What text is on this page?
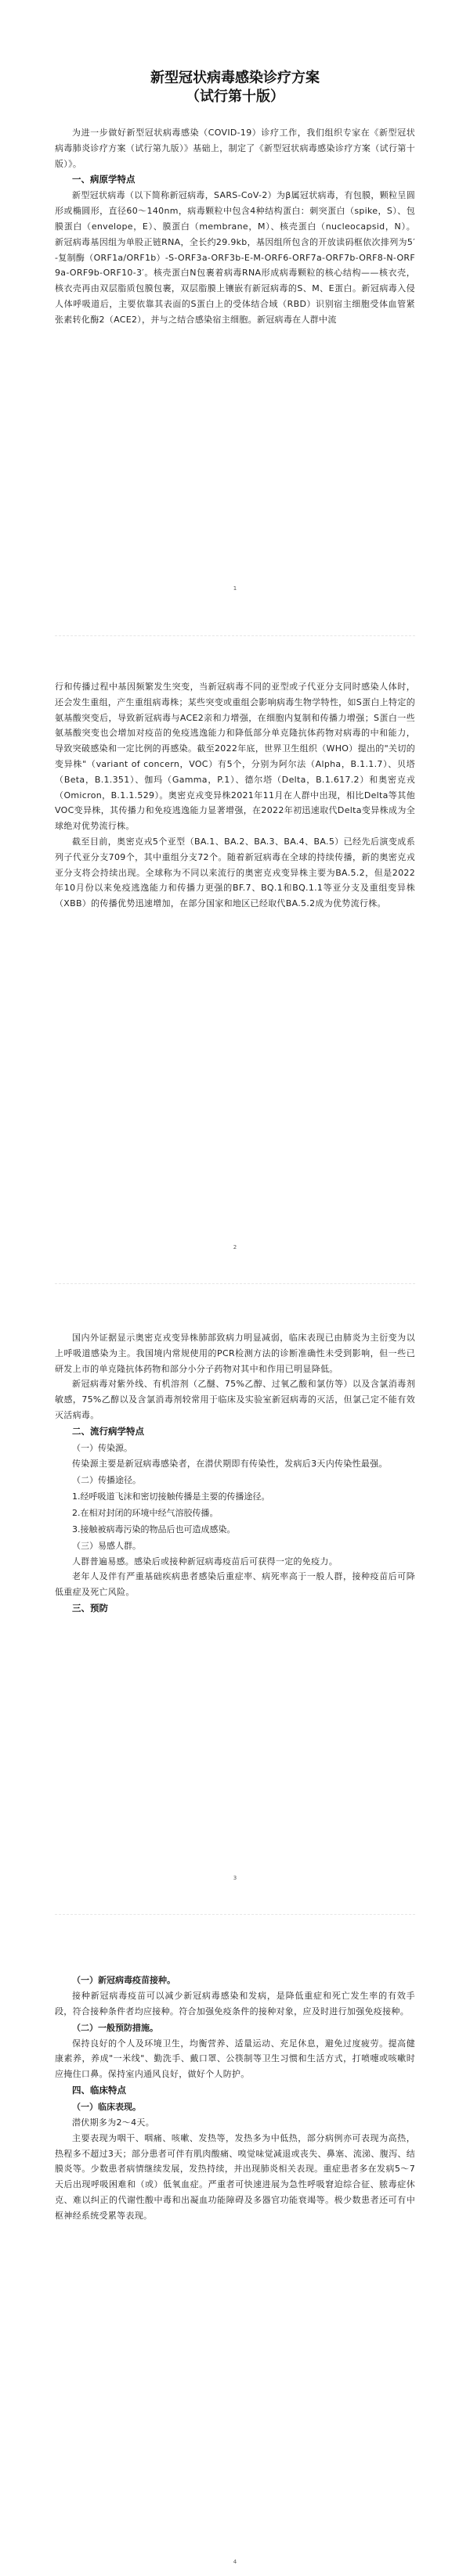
新型冠状病毒感染诊疗方案
（试行第十版）

为进一步做好新型冠状病毒感染（COVID-19）诊疗工作，我们组织专家在《新型冠状病毒肺炎诊疗方案（试行第九版）》基础上，制定了《新型冠状病毒感染诊疗方案（试行第十版）》。

一、病原学特点

新型冠状病毒（以下简称新冠病毒，SARS-CoV-2）为β属冠状病毒，有包膜，颗粒呈圆形或椭圆形，直径60～140nm，病毒颗粒中包含4种结构蛋白：刺突蛋白（spike，S）、包膜蛋白（envelope，E）、膜蛋白（membrane，M）、核壳蛋白（nucleocapsid，N）。新冠病毒基因组为单股正链RNA，全长约29.9kb，基因组所包含的开放读码框依次排列为5′-复制酶（ORF1a/ORF1b）-S-ORF3a-ORF3b-E-M-ORF6-ORF7a-ORF7b-ORF8-N-ORF9a-ORF9b-ORF10-3′。核壳蛋白N包裹着病毒RNA形成病毒颗粒的核心结构——核衣壳，核衣壳再由双层脂质包膜包裹，双层脂膜上镶嵌有新冠病毒的S、M、E蛋白。新冠病毒入侵人体呼吸道后，主要依靠其表面的S蛋白上的受体结合域（RBD）识别宿主细胞受体血管紧张素转化酶2（ACE2），并与之结合感染宿主细胞。新冠病毒在人群中流

1

行和传播过程中基因频繁发生突变，当新冠病毒不同的亚型或子代亚分支同时感染人体时，还会发生重组，产生重组病毒株；某些突变或重组会影响病毒生物学特性，如S蛋白上特定的氨基酸突变后，导致新冠病毒与ACE2亲和力增强，在细胞内复制和传播力增强；S蛋白一些氨基酸突变也会增加对疫苗的免疫逃逸能力和降低部分单克隆抗体药物对病毒的中和能力，导致突破感染和一定比例的再感染。截至2022年底，世界卫生组织（WHO）提出的"关切的变异株"（variant of concern，VOC）有5个，分别为阿尔法（Alpha，B.1.1.7）、贝塔（Beta，B.1.351）、伽玛（Gamma，P.1）、德尔塔（Delta，B.1.617.2）和奥密克戎（Omicron，B.1.1.529）。奥密克戎变异株2021年11月在人群中出现，相比Delta等其他VOC变异株，其传播力和免疫逃逸能力显著增强，在2022年初迅速取代Delta变异株成为全球绝对优势流行株。

截至目前，奥密克戎5个亚型（BA.1、BA.2、BA.3、BA.4、BA.5）已经先后演变成系列子代亚分支709个，其中重组分支72个。随着新冠病毒在全球的持续传播，新的奥密克戎亚分支将会持续出现。全球称为不同以来流行的奥密克戎变异株主要为BA.5.2，但是2022年10月份以来免疫逃逸能力和传播力更强的BF.7、BQ.1和BQ.1.1等亚分支及重组变异株（XBB）的传播优势迅速增加，在部分国家和地区已经取代BA.5.2成为优势流行株。

2

国内外证据显示奥密克戎变异株肺部致病力明显减弱，临床表现已由肺炎为主衍变为以上呼吸道感染为主。我国境内常规使用的PCR检测方法的诊断准确性未受到影响，但一些已研发上市的单克隆抗体药物和部分小分子药物对其中和作用已明显降低。

新冠病毒对紫外线、有机溶剂（乙醚、75%乙醇、过氧乙酸和氯仿等）以及含氯消毒剂敏感，75%乙醇以及含氯消毒剂较常用于临床及实验室新冠病毒的灭活，但氯己定不能有效灭活病毒。

二、流行病学特点

（一）传染源。

传染源主要是新冠病毒感染者，在潜伏期即有传染性，发病后3天内传染性最强。

（二）传播途径。

1.经呼吸道飞沫和密切接触传播是主要的传播途径。

2.在相对封闭的环境中经气溶胶传播。

3.接触被病毒污染的物品后也可造成感染。

（三）易感人群。

人群普遍易感。感染后或接种新冠病毒疫苗后可获得一定的免疫力。

老年人及伴有严重基础疾病患者感染后重症率、病死率高于一般人群，接种疫苗后可降低重症及死亡风险。

三、预防

3

（一）新冠病毒疫苗接种。

接种新冠病毒疫苗可以减少新冠病毒感染和发病，是降低重症和死亡发生率的有效手段，符合接种条件者均应接种。符合加强免疫条件的接种对象，应及时进行加强免疫接种。

（二）一般预防措施。

保持良好的个人及环境卫生，均衡营养、适量运动、充足休息，避免过度疲劳。提高健康素养，养成"一米线"、勤洗手、戴口罩、公筷制等卫生习惯和生活方式，打喷嚏或咳嗽时应掩住口鼻。保持室内通风良好，做好个人防护。

四、临床特点

（一）临床表现。

潜伏期多为2～4天。

主要表现为咽干、咽痛、咳嗽、发热等，发热多为中低热，部分病例亦可表现为高热，热程多不超过3天；部分患者可伴有肌肉酸痛、嗅觉味觉减退或丧失、鼻塞、流涕、腹泻、结膜炎等。少数患者病情继续发展，发热持续，并出现肺炎相关表现。重症患者多在发病5～7天后出现呼吸困难和（或）低氧血症。严重者可快速进展为急性呼吸窘迫综合征、脓毒症休克、难以纠正的代谢性酸中毒和出凝血功能障碍及多器官功能衰竭等。极少数患者还可有中枢神经系统受累等表现。

4
